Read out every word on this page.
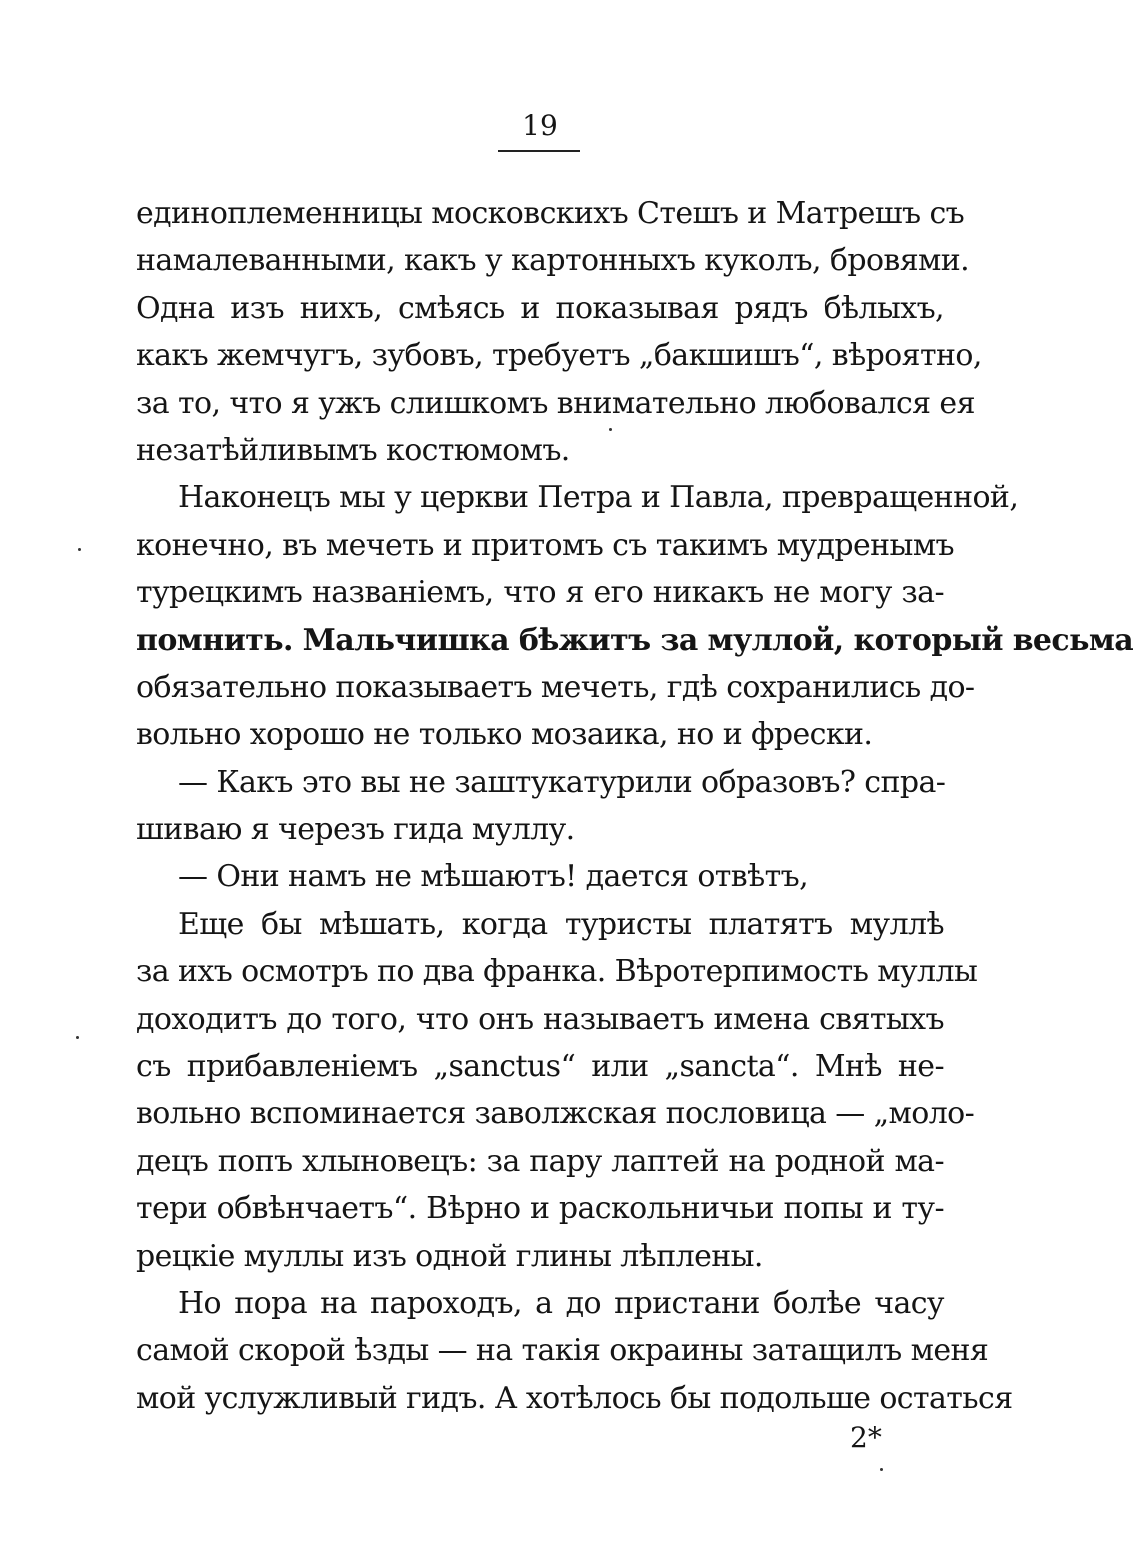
19
единоплеменницы московскихъ Стешъ и Матрешъ съ
намалеванными, какъ у картонныхъ куколъ, бровями.
Одна изъ нихъ, смѣясь и показывая рядъ бѣлыхъ,
какъ жемчугъ, зубовъ, требуетъ „бакшишъ“, вѣроятно,
за то, что я ужъ слишкомъ внимательно любовался ея
незатѣйливымъ костюмомъ.
Наконецъ мы у церкви Петра и Павла, превращенной,
конечно, въ мечеть и притомъ съ такимъ мудренымъ
турецкимъ названіемъ, что я его никакъ не могу за-
помнить. Мальчишка бѣжитъ за муллой, который весьма
обязательно показываетъ мечеть, гдѣ сохранились до-
вольно хорошо не только мозаика, но и фрески.
— Какъ это вы не заштукатурили образовъ? спра-
шиваю я черезъ гида муллу.
— Они намъ не мѣшаютъ! дается отвѣтъ,
Еще бы мѣшать, когда туристы платятъ муллѣ
за ихъ осмотръ по два франка. Вѣротерпимость муллы
доходитъ до того, что онъ называетъ имена святыхъ
съ прибавленіемъ „sanctus“ или „sancta“. Мнѣ не-
вольно вспоминается заволжская пословица — „моло-
децъ попъ хлыновецъ: за пару лаптей на родной ма-
тери обвѣнчаетъ“. Вѣрно и раскольничьи попы и ту-
рецкіе муллы изъ одной глины лѣплены.
Но пора на пароходъ, а до пристани болѣе часу
самой скорой ѣзды — на такія окраины затащилъ меня
мой услужливый гидъ. А хотѣлось бы подольше остаться
2*
